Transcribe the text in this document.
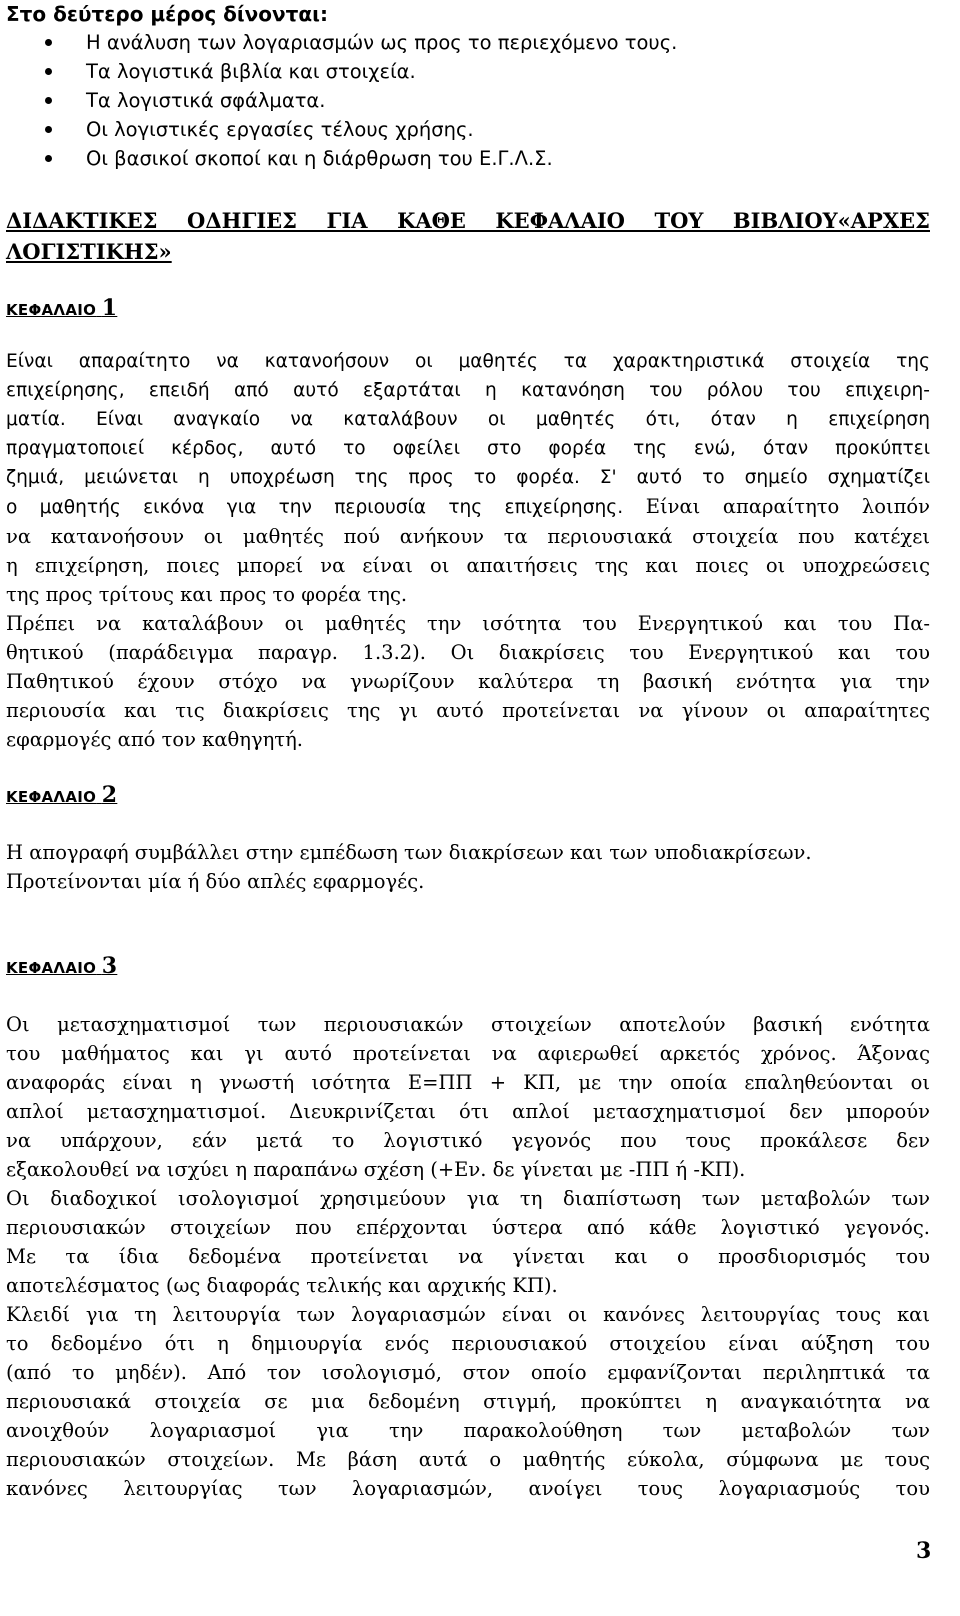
Στο δεύτερο μέρος δίνονται:
Η ανάλυση των λογαριασμών ως προς το περιεχόμενο τους.
Τα λογιστικά βιβλία και στοιχεία.
Τα λογιστικά σφάλματα.
Οι λογιστικές εργασίες τέλους χρήσης.
Οι βασικοί σκοποί και η διάρθρωση του Ε.Γ.Λ.Σ.
ΔΙΔΑΚΤΙΚΕΣ ΟΔΗΓΙΕΣ ΓΙΑ ΚΑΘΕ ΚΕΦΑΛΑΙΟ ΤΟΥ ΒΙΒΛΙΟΥ«ΑΡΧΕΣ
ΛΟΓΙΣΤΙΚΗΣ»
ΚΕΦΑΛΑΙΟ 1
Είναι απαραίτητο να κατανοήσουν οι μαθητές τα χαρακτηριστικά στοιχεία της
επιχείρησης, επειδή από αυτό εξαρτάται η κατανόηση του ρόλου του επιχειρη-
ματία. Είναι αναγκαίο να καταλάβουν οι μαθητές ότι, όταν η επιχείρηση
πραγματοποιεί κέρδος, αυτό το οφείλει στο φορέα της ενώ, όταν προκύπτει
ζημιά, μειώνεται η υποχρέωση της προς το φορέα. Σ' αυτό το σημείο σχηματίζει
ο μαθητής εικόνα για την περιουσία της επιχείρησης. Είναι απαραίτητο λοιπόν
να κατανοήσουν οι μαθητές πού ανήκουν τα περιουσιακά στοιχεία που κατέχει
η επιχείρηση, ποιες μπορεί να είναι οι απαιτήσεις της και ποιες οι υποχρεώσεις
της προς τρίτους και προς το φορέα της.
Πρέπει να καταλάβουν οι μαθητές την ισότητα του Ενεργητικού και του Πα-
θητικού (παράδειγμα παραγρ. 1.3.2). Οι διακρίσεις του Ενεργητικού και του
Παθητικού έχουν στόχο να γνωρίζουν καλύτερα τη βασική ενότητα για την
περιουσία και τις διακρίσεις της γι αυτό προτείνεται να γίνουν οι απαραίτητες
εφαρμογές από τον καθηγητή.
ΚΕΦΑΛΑΙΟ 2
Η απογραφή συμβάλλει στην εμπέδωση των διακρίσεων και των υποδιακρίσεων.
Προτείνονται μία ή δύο απλές εφαρμογές.
ΚΕΦΑΛΑΙΟ 3
Οι μετασχηματισμοί των περιουσιακών στοιχείων αποτελούν βασική ενότητα
του μαθήματος και γι αυτό προτείνεται να αφιερωθεί αρκετός χρόνος. Άξονας
αναφοράς είναι η γνωστή ισότητα Ε=ΠΠ + ΚΠ, με την οποία επαληθεύονται οι
απλοί μετασχηματισμοί. Διευκρινίζεται ότι απλοί μετασχηματισμοί δεν μπορούν
να υπάρχουν, εάν μετά το λογιστικό γεγονός που τους προκάλεσε δεν
εξακολουθεί να ισχύει η παραπάνω σχέση (+Εν. δε γίνεται με -ΠΠ ή -ΚΠ).
Οι διαδοχικοί ισολογισμοί χρησιμεύουν για τη διαπίστωση των μεταβολών των
περιουσιακών στοιχείων που επέρχονται ύστερα από κάθε λογιστικό γεγονός.
Με τα ίδια δεδομένα προτείνεται να γίνεται και ο προσδιορισμός του
αποτελέσματος (ως διαφοράς τελικής και αρχικής ΚΠ).
Κλειδί για τη λειτουργία των λογαριασμών είναι οι κανόνες λειτουργίας τους και
το δεδομένο ότι η δημιουργία ενός περιουσιακού στοιχείου είναι αύξηση του
(από το μηδέν). Από τον ισολογισμό, στον οποίο εμφανίζονται περιληπτικά τα
περιουσιακά στοιχεία σε μια δεδομένη στιγμή, προκύπτει η αναγκαιότητα να
ανοιχθούν λογαριασμοί για την παρακολούθηση των μεταβολών των
περιουσιακών στοιχείων. Με βάση αυτά ο μαθητής εύκολα, σύμφωνα με τους
κανόνες λειτουργίας των λογαριασμών, ανοίγει τους λογαριασμούς του
3
